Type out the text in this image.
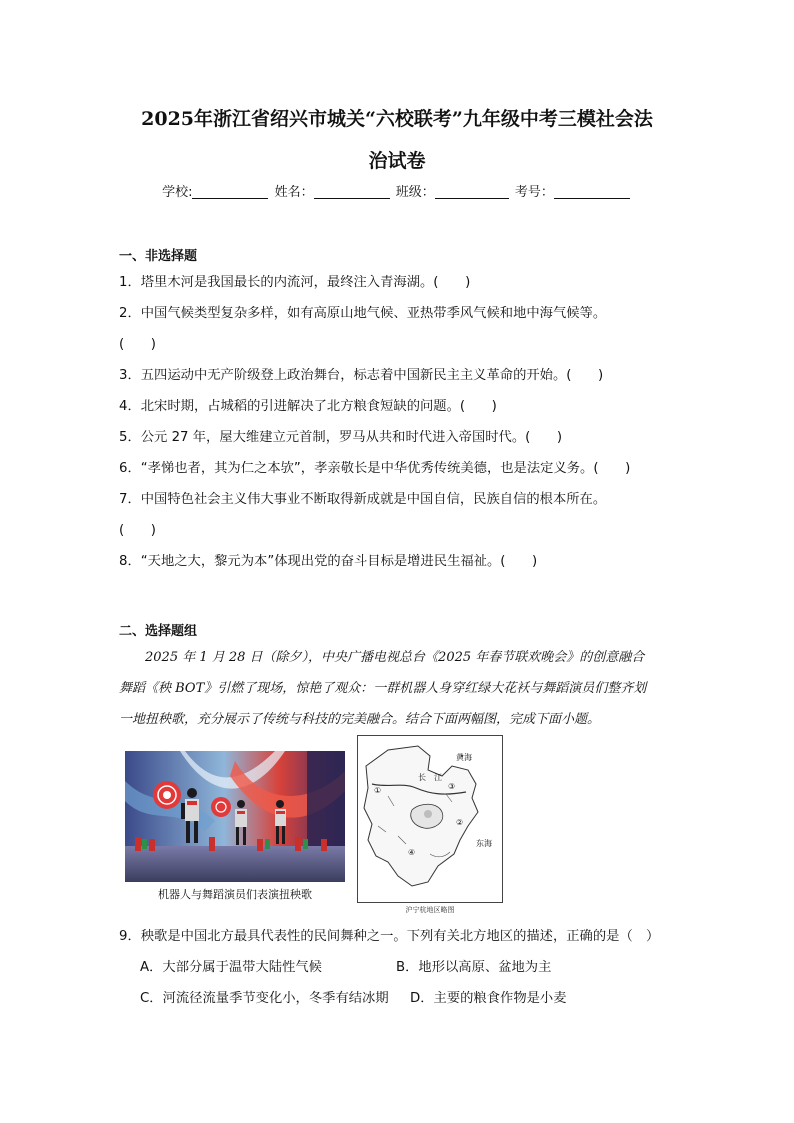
2025年浙江省绍兴市城关“六校联考”九年级中考三模社会法
治试卷
学校:	姓名：	班级：	考号：
一、非选择题
1．塔里木河是我国最长的内流河，最终注入青海湖。(　　)
2．中国气候类型复杂多样，如有高原山地气候、亚热带季风气候和地中海气候等。
(　　)
3．五四运动中无产阶级登上政治舞台，标志着中国新民主主义革命的开始。(　　)
4．北宋时期，占城稻的引进解决了北方粮食短缺的问题。(　　)
5．公元 27 年，屋大维建立元首制，罗马从共和时代进入帝国时代。(　　)
6．“孝悌也者，其为仁之本欤”，孝亲敬长是中华优秀传统美德，也是法定义务。(　　)
7．中国特色社会主义伟大事业不断取得新成就是中国自信，民族自信的根本所在。
(　　)
8．“天地之大，黎元为本”体现出党的奋斗目标是增进民生福祉。(　　)
二、选择题组
　　2025 年 1 月 28 日（除夕），中央广播电视总台《2025 年春节联欢晚会》的创意融合
舞蹈《秧 BOT》引燃了现场，惊艳了观众：一群机器人身穿红绿大花袄与舞蹈演员们整齐划
一地扭秧歌，充分展示了传统与科技的完美融合。结合下面两幅图，完成下面小题。
机器人与舞蹈演员们表演扭秧歌
黄海
东海
长　江
①
②
③
④
沪宁杭地区略图
9．秧歌是中国北方最具代表性的民间舞种之一。下列有关北方地区的描述，正确的是（　）
A．大部分属于温带大陆性气候	B．地形以高原、盆地为主
C．河流径流量季节变化小，冬季有结冰期 D．主要的粮食作物是小麦
